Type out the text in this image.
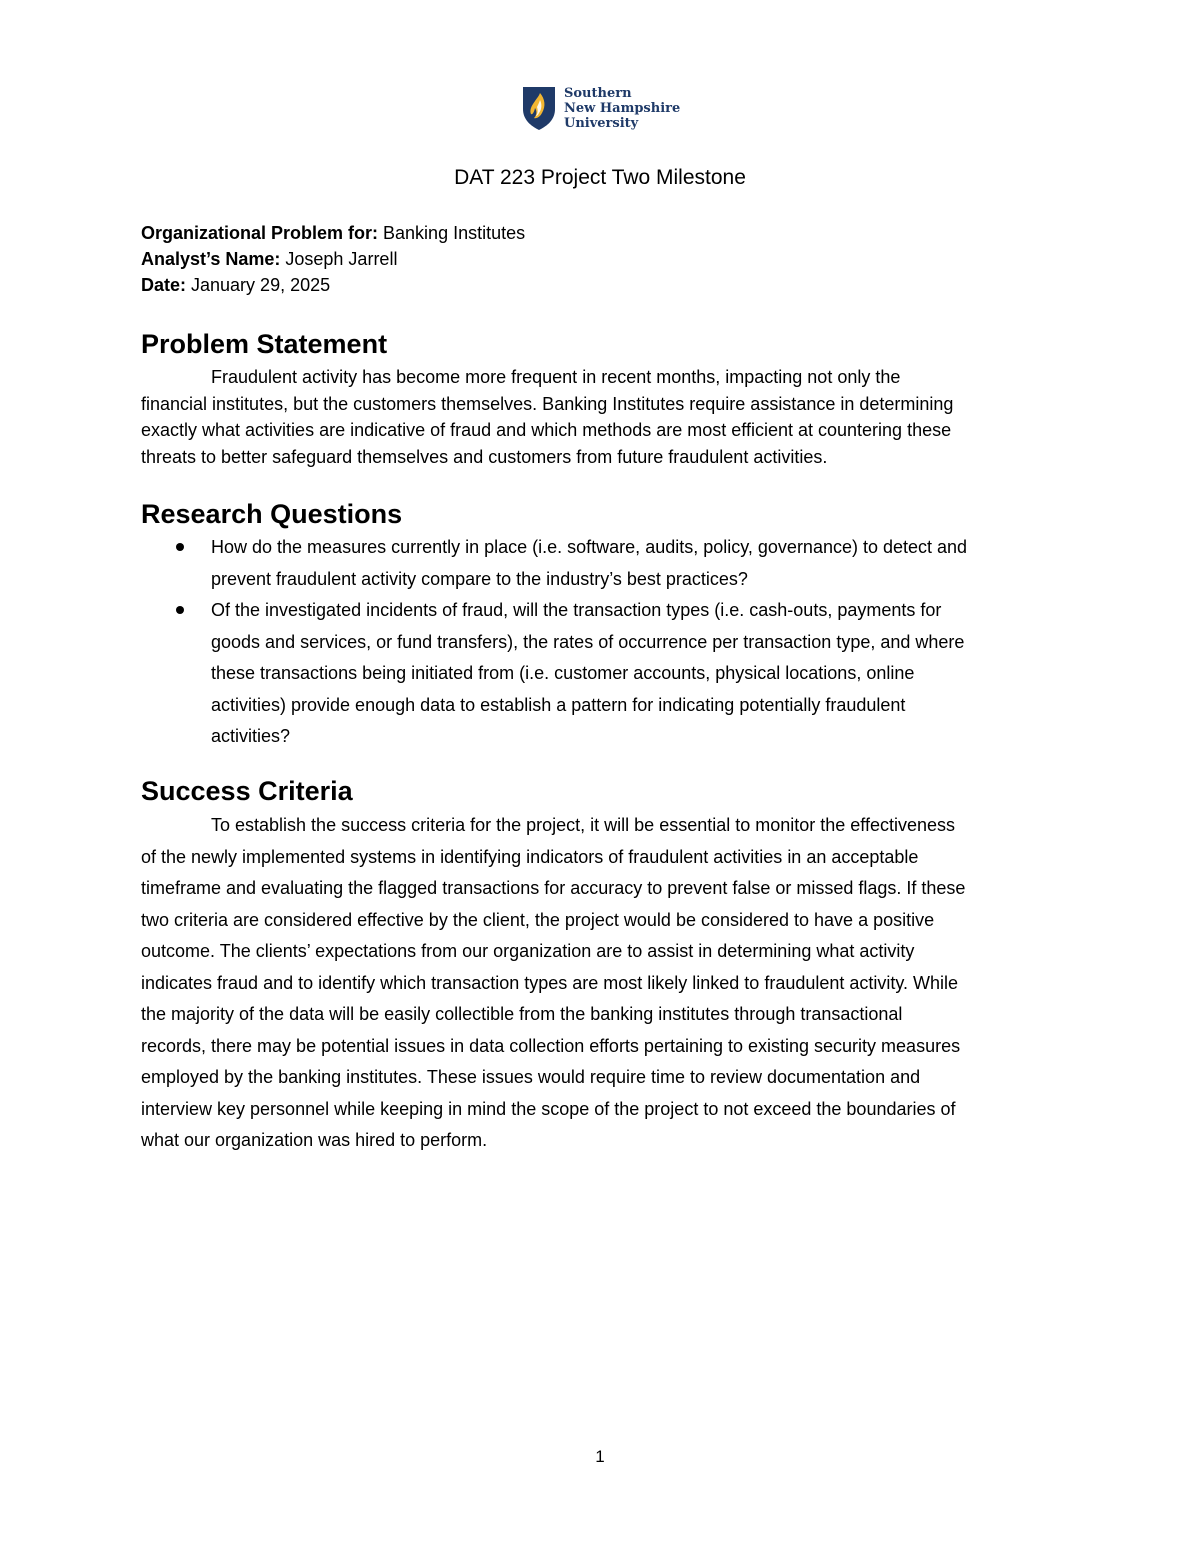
Southern
New Hampshire
University
DAT 223 Project Two Milestone
Organizational Problem for: Banking Institutes
Analyst’s Name: Joseph Jarrell
Date: January 29, 2025
Problem Statement
Fraudulent activity has become more frequent in recent months, impacting not only the
financial institutes, but the customers themselves. Banking Institutes require assistance in determining
exactly what activities are indicative of fraud and which methods are most efficient at countering these
threats to better safeguard themselves and customers from future fraudulent activities.
Research Questions
How do the measures currently in place (i.e. software, audits, policy, governance) to detect and
prevent fraudulent activity compare to the industry’s best practices?
Of the investigated incidents of fraud, will the transaction types (i.e. cash-outs, payments for
goods and services, or fund transfers), the rates of occurrence per transaction type, and where
these transactions being initiated from (i.e. customer accounts, physical locations, online
activities) provide enough data to establish a pattern for indicating potentially fraudulent
activities?
Success Criteria
To establish the success criteria for the project, it will be essential to monitor the effectiveness
of the newly implemented systems in identifying indicators of fraudulent activities in an acceptable
timeframe and evaluating the flagged transactions for accuracy to prevent false or missed flags. If these
two criteria are considered effective by the client, the project would be considered to have a positive
outcome. The clients’ expectations from our organization are to assist in determining what activity
indicates fraud and to identify which transaction types are most likely linked to fraudulent activity. While
the majority of the data will be easily collectible from the banking institutes through transactional
records, there may be potential issues in data collection efforts pertaining to existing security measures
employed by the banking institutes. These issues would require time to review documentation and
interview key personnel while keeping in mind the scope of the project to not exceed the boundaries of
what our organization was hired to perform.
1
